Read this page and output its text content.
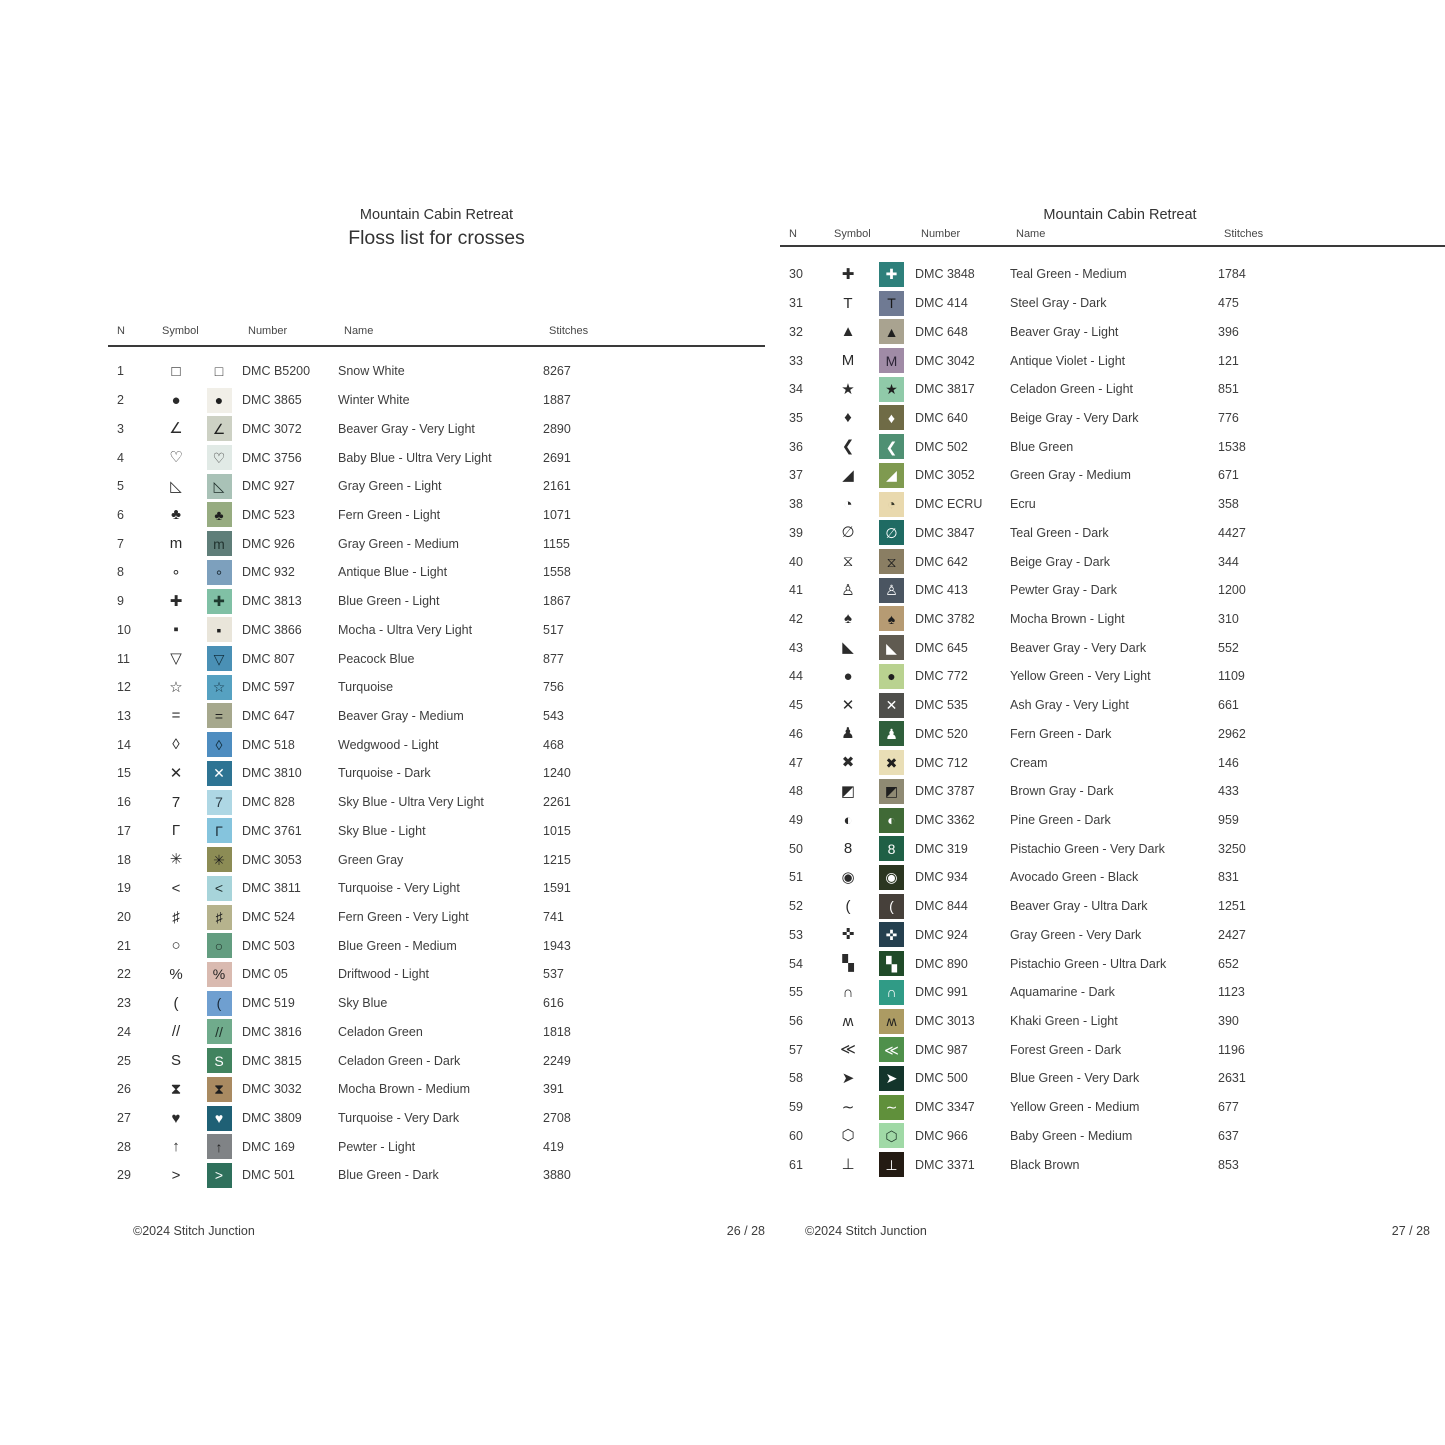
Mountain Cabin Retreat
Floss list for crosses
N	Symbol	Number	Name	Stitches
1	□	□	DMC B5200	Snow White	8267
2	●	●	DMC 3865	Winter White	1887
3	∠	∠	DMC 3072	Beaver Gray - Very Light	2890
4	♡	♡	DMC 3756	Baby Blue - Ultra Very Light	2691
5	◺	◺	DMC 927	Gray Green - Light	2161
6	♣	♣	DMC 523	Fern Green - Light	1071
7	m	m	DMC 926	Gray Green - Medium	1155
8	∘	∘	DMC 932	Antique Blue - Light	1558
9	✚	✚	DMC 3813	Blue Green - Light	1867
10	▪	▪	DMC 3866	Mocha - Ultra Very Light	517
11	▽	▽	DMC 807	Peacock Blue	877
12	☆	☆	DMC 597	Turquoise	756
13	=	=	DMC 647	Beaver Gray - Medium	543
14	◊	◊	DMC 518	Wedgwood - Light	468
15	✕	✕	DMC 3810	Turquoise - Dark	1240
16	7	7	DMC 828	Sky Blue - Ultra Very Light	2261
17	Γ	Γ	DMC 3761	Sky Blue - Light	1015
18	✳	✳	DMC 3053	Green Gray	1215
19	<	<	DMC 3811	Turquoise - Very Light	1591
20	♯	♯	DMC 524	Fern Green - Very Light	741
21	○	○	DMC 503	Blue Green - Medium	1943
22	%	%	DMC 05	Driftwood - Light	537
23	(	(	DMC 519	Sky Blue	616
24	//	//	DMC 3816	Celadon Green	1818
25	S	S	DMC 3815	Celadon Green - Dark	2249
26	⧗	⧗	DMC 3032	Mocha Brown - Medium	391
27	♥	♥	DMC 3809	Turquoise - Very Dark	2708
28	↑	↑	DMC 169	Pewter - Light	419
29	>	>	DMC 501	Blue Green - Dark	3880
©2024 Stitch Junction	26 / 28
Mountain Cabin Retreat
N	Symbol	Number	Name	Stitches
30	✚	✚	DMC 3848	Teal Green - Medium	1784
31	T	T	DMC 414	Steel Gray - Dark	475
32	▲	▲	DMC 648	Beaver Gray - Light	396
33	M	M	DMC 3042	Antique Violet - Light	121
34	★	★	DMC 3817	Celadon Green - Light	851
35	♦	♦	DMC 640	Beige Gray - Very Dark	776
36	❮	❮	DMC 502	Blue Green	1538
37	◢	◢	DMC 3052	Green Gray - Medium	671
38	◔	◔	DMC ECRU	Ecru	358
39	∅	∅	DMC 3847	Teal Green - Dark	4427
40	⧖	⧖	DMC 642	Beige Gray - Dark	344
41	♙	♙	DMC 413	Pewter Gray - Dark	1200
42	♠	♠	DMC 3782	Mocha Brown - Light	310
43	◣	◣	DMC 645	Beaver Gray - Very Dark	552
44	●	●	DMC 772	Yellow Green - Very Light	1109
45	✕	✕	DMC 535	Ash Gray - Very Light	661
46	♟	♟	DMC 520	Fern Green - Dark	2962
47	✖	✖	DMC 712	Cream	146
48	◩	◩	DMC 3787	Brown Gray - Dark	433
49	◐	◐	DMC 3362	Pine Green - Dark	959
50	8	8	DMC 319	Pistachio Green - Very Dark	3250
51	◉	◉	DMC 934	Avocado Green - Black	831
52	(	(	DMC 844	Beaver Gray - Ultra Dark	1251
53	✜	✜	DMC 924	Gray Green - Very Dark	2427
54	▚	▚	DMC 890	Pistachio Green - Ultra Dark	652
55	∩	∩	DMC 991	Aquamarine - Dark	1123
56	ʍ	ʍ	DMC 3013	Khaki Green - Light	390
57	≪	≪	DMC 987	Forest Green - Dark	1196
58	➤	➤	DMC 500	Blue Green - Very Dark	2631
59	∼	∼	DMC 3347	Yellow Green - Medium	677
60	⬡	⬡	DMC 966	Baby Green - Medium	637
61	⊥	⊥	DMC 3371	Black Brown	853
©2024 Stitch Junction	27 / 28
